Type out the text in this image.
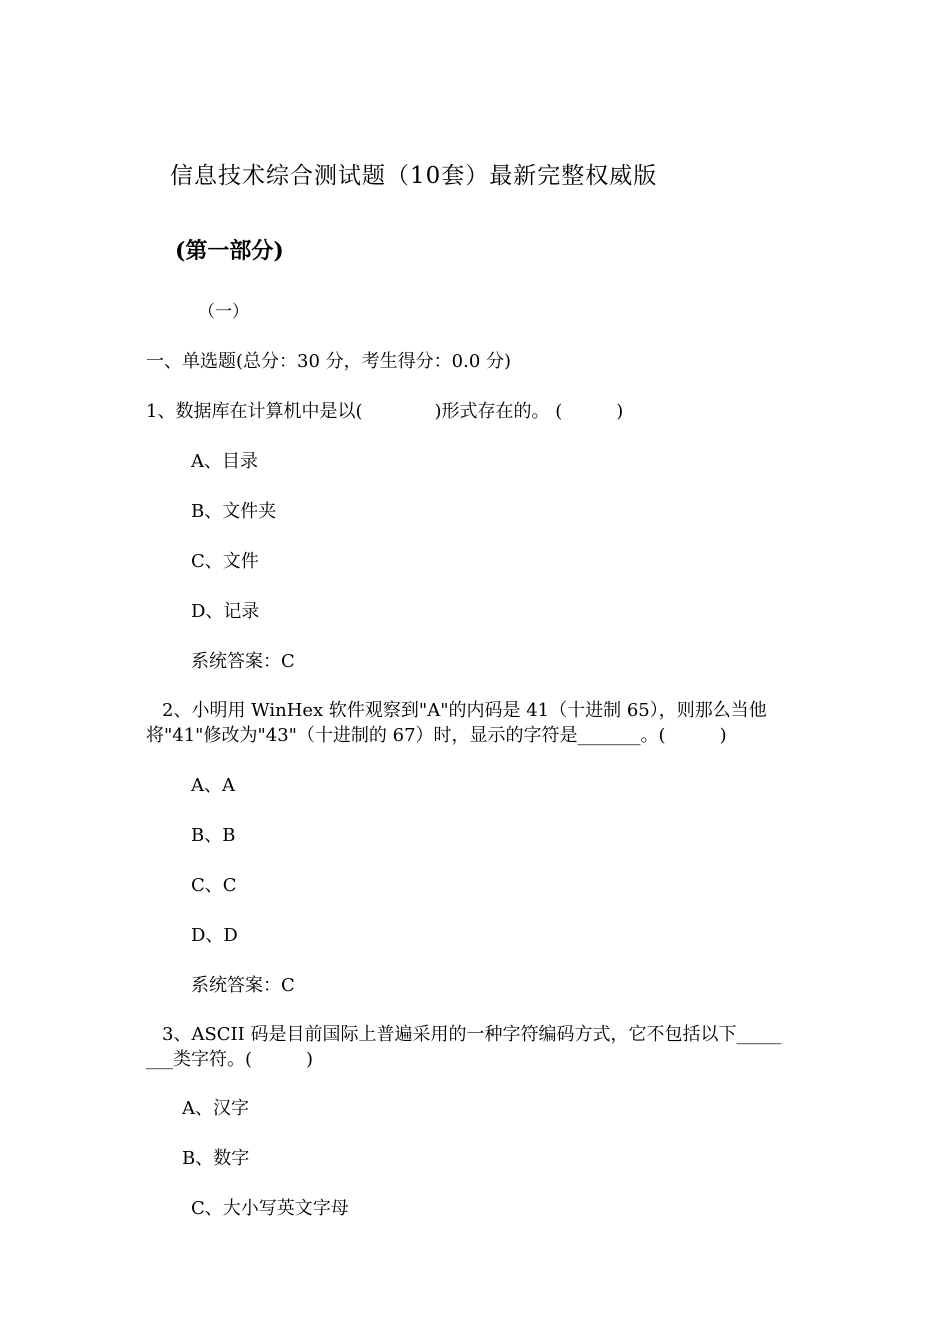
信息技术综合测试题（10套）最新完整权威版
(第一部分)
（一）
一、单选题(总分：30 分，考生得分：0.0 分)
1、数据库在计算机中是以(　　　　)形式存在的。 (　　　)
A、目录
B、文件夹
C、文件
D、记录
系统答案：C
2、小明用 WinHex 软件观察到"A"的内码是 41（十进制 65），则那么当他
将"41"修改为"43"（十进制的 67）时，显示的字符是_______。(　　　)
A、A
B、B
C、C
D、D
系统答案：C
3、ASCII 码是目前国际上普遍采用的一种字符编码方式，它不包括以下_____
___类字符。(　　　)
A、汉字
B、数字
C、大小写英文字母
